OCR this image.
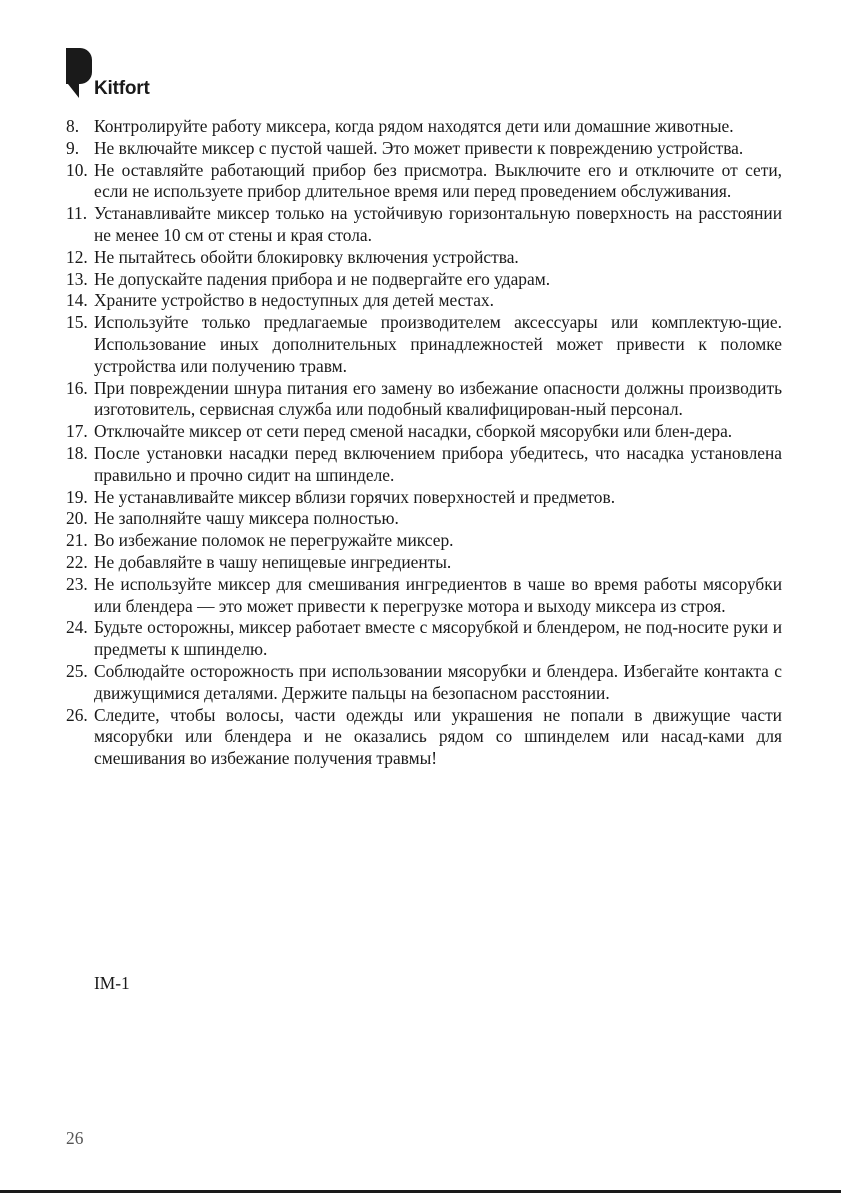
Kitfort
8. Контролируйте работу миксера, когда рядом находятся дети или домашние животные.
9. Не включайте миксер с пустой чашей. Это может привести к повреждению устройства.
10. Не оставляйте работающий прибор без присмотра. Выключите его и отключите от сети, если не используете прибор длительное время или перед проведением обслуживания.
11. Устанавливайте миксер только на устойчивую горизонтальную поверхность на расстоянии не менее 10 см от стены и края стола.
12. Не пытайтесь обойти блокировку включения устройства.
13. Не допускайте падения прибора и не подвергайте его ударам.
14. Храните устройство в недоступных для детей местах.
15. Используйте только предлагаемые производителем аксессуары или комплектую-щие. Использование иных дополнительных принадлежностей может привести к поломке устройства или получению травм.
16. При повреждении шнура питания его замену во избежание опасности должны производить изготовитель, сервисная служба или подобный квалифицирован-ный персонал.
17. Отключайте миксер от сети перед сменой насадки, сборкой мясорубки или блен-дера.
18. После установки насадки перед включением прибора убедитесь, что насадка установлена правильно и прочно сидит на шпинделе.
19. Не устанавливайте миксер вблизи горячих поверхностей и предметов.
20. Не заполняйте чашу миксера полностью.
21. Во избежание поломок не перегружайте миксер.
22. Не добавляйте в чашу непищевые ингредиенты.
23. Не используйте миксер для смешивания ингредиентов в чаше во время работы мясорубки или блендера — это может привести к перегрузке мотора и выходу миксера из строя.
24. Будьте осторожны, миксер работает вместе с мясорубкой и блендером, не под-носите руки и предметы к шпинделю.
25. Соблюдайте осторожность при использовании мясорубки и блендера. Избегайте контакта с движущимися деталями. Держите пальцы на безопасном расстоянии.
26. Следите, чтобы волосы, части одежды или украшения не попали в движущие части мясорубки или блендера и не оказались рядом со шпинделем или насад-ками для смешивания во избежание получения травмы!
IM-1
26
